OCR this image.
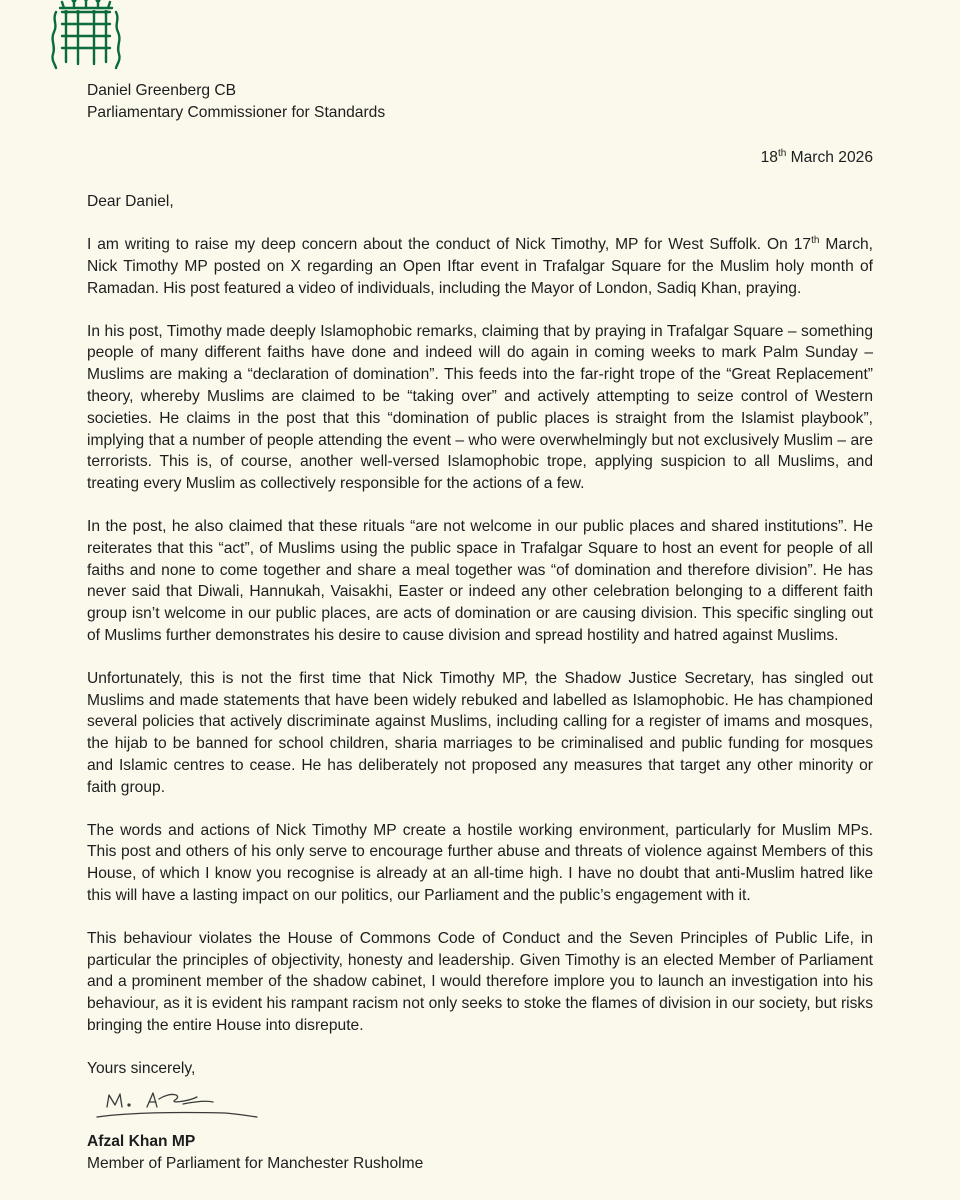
Daniel Greenberg CB

Parliamentary Commissioner for Standards

18th March 2026

Dear Daniel,

I am writing to raise my deep concern about the conduct of Nick Timothy, MP for West Suffolk. On 17th March, Nick Timothy MP posted on X regarding an Open Iftar event in Trafalgar Square for the Muslim holy month of Ramadan. His post featured a video of individuals, including the Mayor of London, Sadiq Khan, praying.

In his post, Timothy made deeply Islamophobic remarks, claiming that by praying in Trafalgar Square – something people of many different faiths have done and indeed will do again in coming weeks to mark Palm Sunday – Muslims are making a “declaration of domination”. This feeds into the far-right trope of the “Great Replacement” theory, whereby Muslims are claimed to be “taking over” and actively attempting to seize control of Western societies. He claims in the post that this “domination of public places is straight from the Islamist playbook”, implying that a number of people attending the event – who were overwhelmingly but not exclusively Muslim – are terrorists. This is, of course, another well-versed Islamophobic trope, applying suspicion to all Muslims, and treating every Muslim as collectively responsible for the actions of a few.

In the post, he also claimed that these rituals “are not welcome in our public places and shared institutions”. He reiterates that this “act”, of Muslims using the public space in Trafalgar Square to host an event for people of all faiths and none to come together and share a meal together was “of domination and therefore division”. He has never said that Diwali, Hannukah, Vaisakhi, Easter or indeed any other celebration belonging to a different faith group isn’t welcome in our public places, are acts of domination or are causing division. This specific singling out of Muslims further demonstrates his desire to cause division and spread hostility and hatred against Muslims.

Unfortunately, this is not the first time that Nick Timothy MP, the Shadow Justice Secretary, has singled out Muslims and made statements that have been widely rebuked and labelled as Islamophobic. He has championed several policies that actively discriminate against Muslims, including calling for a register of imams and mosques, the hijab to be banned for school children, sharia marriages to be criminalised and public funding for mosques and Islamic centres to cease. He has deliberately not proposed any measures that target any other minority or faith group.

The words and actions of Nick Timothy MP create a hostile working environment, particularly for Muslim MPs. This post and others of his only serve to encourage further abuse and threats of violence against Members of this House, of which I know you recognise is already at an all-time high. I have no doubt that anti-Muslim hatred like this will have a lasting impact on our politics, our Parliament and the public’s engagement with it.

This behaviour violates the House of Commons Code of Conduct and the Seven Principles of Public Life, in particular the principles of objectivity, honesty and leadership. Given Timothy is an elected Member of Parliament and a prominent member of the shadow cabinet, I would therefore implore you to launch an investigation into his behaviour, as it is evident his rampant racism not only seeks to stoke the flames of division in our society, but risks bringing the entire House into disrepute.

Yours sincerely,

Afzal Khan MP

Member of Parliament for Manchester Rusholme
